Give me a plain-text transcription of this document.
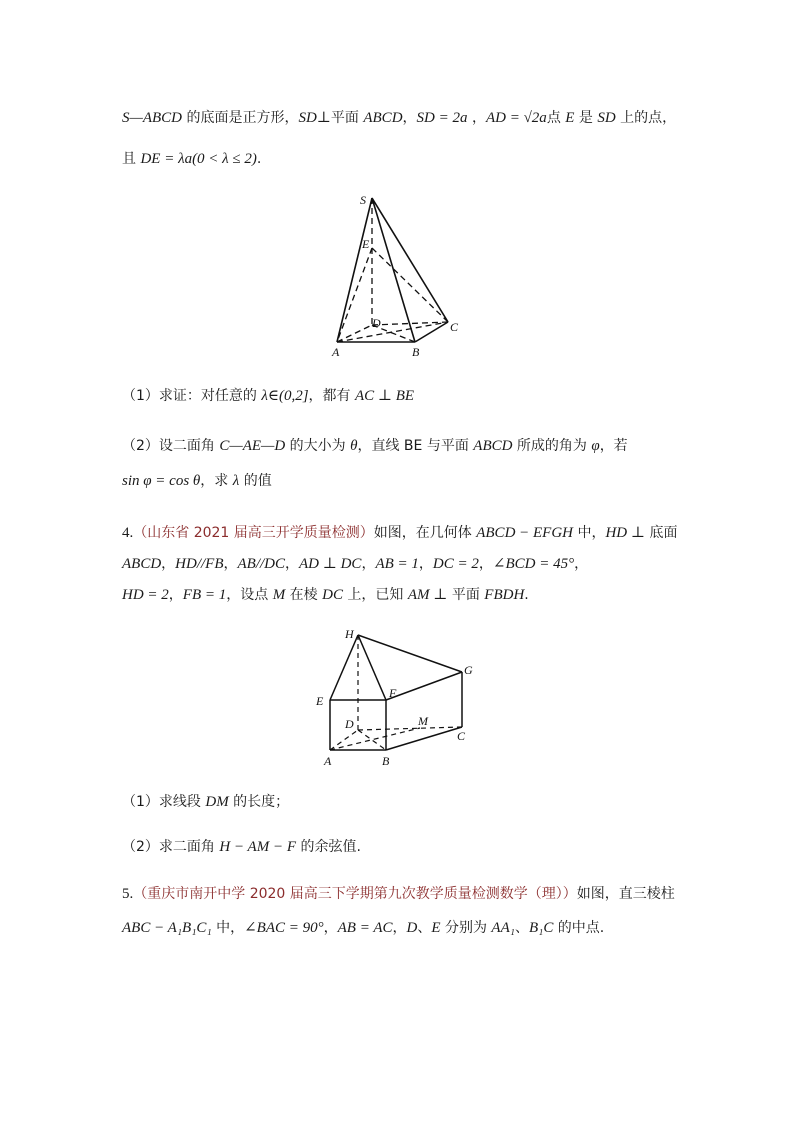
S—ABCD 的底面是正方形，SD⊥平面 ABCD，SD = 2a ，AD = √2a点 E 是 SD 上的点，
且 DE = λa(0 < λ ≤ 2).
S
E
D	C
A	B
（1）求证：对任意的 λ∈(0,2]，都有 AC ⊥ BE
（2）设二面角 C—AE—D 的大小为 θ，直线 BE 与平面 ABCD 所成的角为 φ，若
sin φ = cos θ，求 λ 的值
4.（山东省 2021 届高三开学质量检测）如图，在几何体 ABCD − EFGH 中，HD ⊥ 底面
ABCD，HD//FB，AB//DC，AD ⊥ DC，AB = 1，DC = 2，∠BCD = 45°，
HD = 2，FB = 1，设点 M 在棱 DC 上，已知 AM ⊥ 平面 FBDH.
H
G
E
F
D	M
C
A	B
（1）求线段 DM 的长度；
（2）求二面角 H − AM − F 的余弦值.
5.（重庆市南开中学 2020 届高三下学期第九次教学质量检测数学（理））如图，直三棱柱
ABC − A₁B₁C₁ 中，∠BAC = 90°，AB = AC，D、E 分别为 AA₁、B₁C 的中点.
